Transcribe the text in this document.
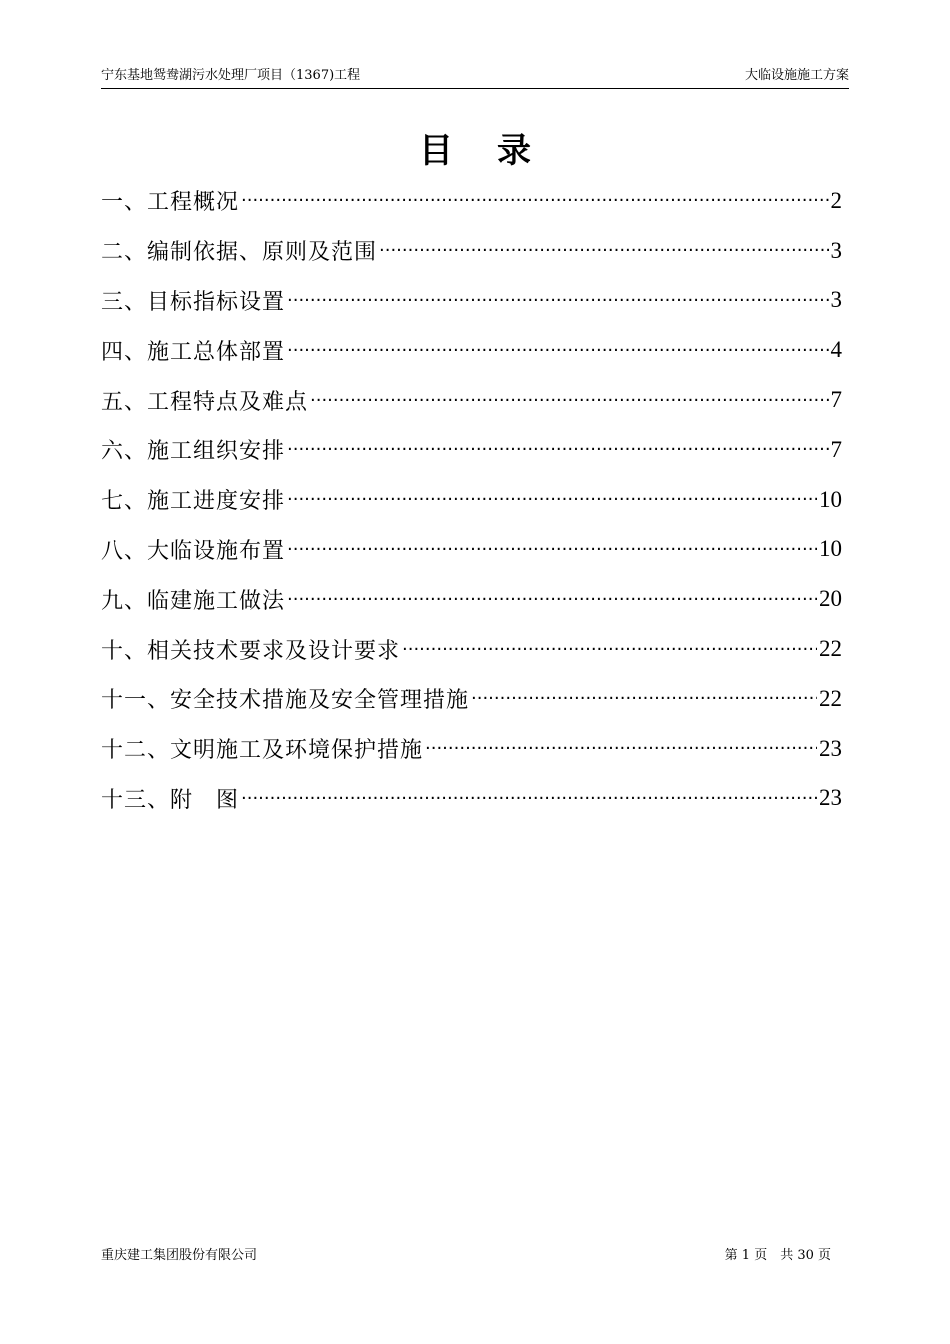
宁东基地鸳鸯湖污水处理厂项目（1367)工程	大临设施施工方案
目录
一、工程概况 ·····	2
二、编制依据、原则及范围 ·····	3
三、目标指标设置 ·····	3
四、施工总体部置 ·····	4
五、工程特点及难点 ·····	7
六、施工组织安排 ·····	7
七、施工进度安排 ·····	10
八、大临设施布置 ·····	10
九、临建施工做法 ·····	20
十、相关技术要求及设计要求 ·····	22
十一、安全技术措施及安全管理措施 ·····	22
十二、文明施工及环境保护措施 ·····	23
十三、附　图 ·····	23
重庆建工集团股份有限公司	第 1 页　共 30 页
